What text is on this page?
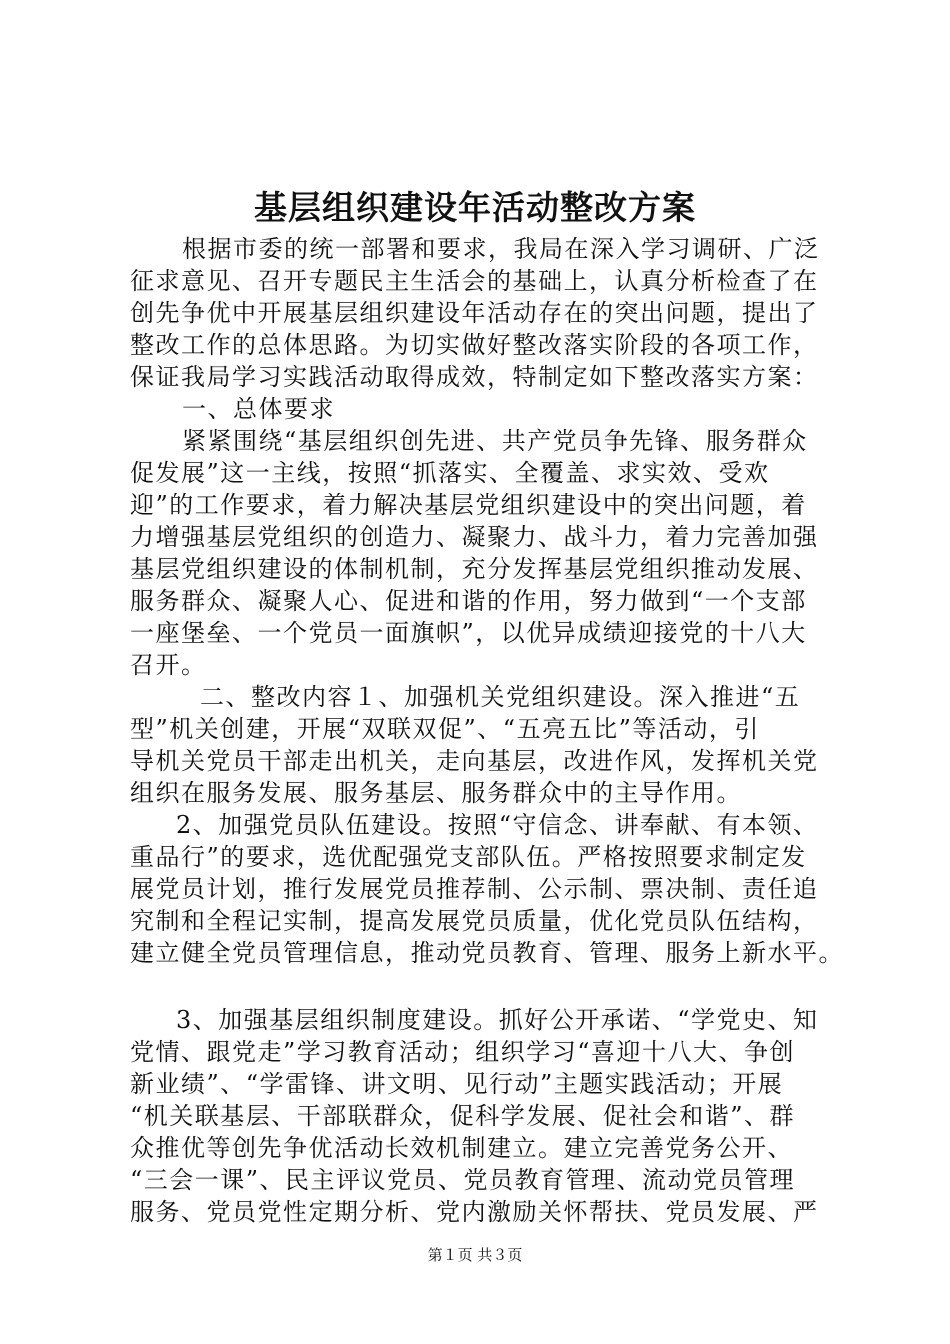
基层组织建设年活动整改方案
根据市委的统一部署和要求，我局在深入学习调研、广泛
征求意见、召开专题民主生活会的基础上，认真分析检查了在
创先争优中开展基层组织建设年活动存在的突出问题，提出了
整改工作的总体思路。为切实做好整改落实阶段的各项工作，
保证我局学习实践活动取得成效，特制定如下整改落实方案：
一、总体要求
紧紧围绕“基层组织创先进、共产党员争先锋、服务群众
促发展”这一主线，按照“抓落实、全覆盖、求实效、受欢
迎”的工作要求，着力解决基层党组织建设中的突出问题，着
力增强基层党组织的创造力、凝聚力、战斗力，着力完善加强
基层党组织建设的体制机制，充分发挥基层党组织推动发展、
服务群众、凝聚人心、促进和谐的作用，努力做到“一个支部
一座堡垒、一个党员一面旗帜”，以优异成绩迎接党的十八大
召开。
二、整改内容１、加强机关党组织建设。深入推进“五
型”机关创建，开展“双联双促”、“五亮五比”等活动，引
导机关党员干部走出机关，走向基层，改进作风，发挥机关党
组织在服务发展、服务基层、服务群众中的主导作用。
2、加强党员队伍建设。按照“守信念、讲奉献、有本领、
重品行”的要求，选优配强党支部队伍。严格按照要求制定发
展党员计划，推行发展党员推荐制、公示制、票决制、责任追
究制和全程记实制，提高发展党员质量，优化党员队伍结构，
建立健全党员管理信息，推动党员教育、管理、服务上新水平。
3、加强基层组织制度建设。抓好公开承诺、“学党史、知
党情、跟党走”学习教育活动；组织学习“喜迎十八大、争创
新业绩”、“学雷锋、讲文明、见行动”主题实践活动；开展
“机关联基层、干部联群众，促科学发展、促社会和谐”、群
众推优等创先争优活动长效机制建立。建立完善党务公开、
“三会一课”、民主评议党员、党员教育管理、流动党员管理
服务、党员党性定期分析、党内激励关怀帮扶、党员发展、严
第１页 共３页
